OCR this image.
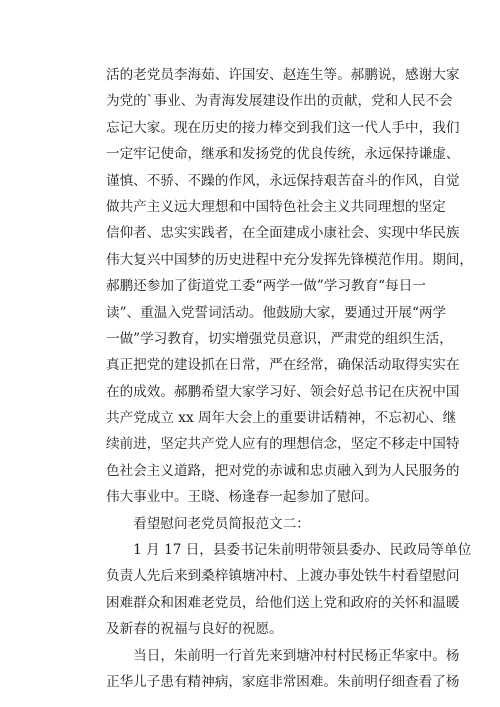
活的老党员李海茹、许国安、赵连生等。郝鹏说，感谢大家
为党的`事业、为青海发展建设作出的贡献，党和人民不会
忘记大家。现在历史的接力棒交到我们这一代人手中，我们
一定牢记使命，继承和发扬党的优良传统，永远保持谦虚、
谨慎、不骄、不躁的作风，永远保持艰苦奋斗的作风，自觉
做共产主义远大理想和中国特色社会主义共同理想的坚定
信仰者、忠实实践者，在全面建成小康社会、实现中华民族
伟大复兴中国梦的历史进程中充分发挥先锋模范作用。期间，
郝鹏还参加了街道党工委“两学一做”学习教育“每日一
读”、重温入党誓词活动。他鼓励大家，要通过开展“两学
一做”学习教育，切实增强党员意识，严肃党的组织生活，
真正把党的建设抓在日常，严在经常，确保活动取得实实在
在的成效。郝鹏希望大家学习好、领会好总书记在庆祝中国
共产党成立 xx 周年大会上的重要讲话精神，不忘初心、继
续前进，坚定共产党人应有的理想信念，坚定不移走中国特
色社会主义道路，把对党的赤诚和忠贞融入到为人民服务的
伟大事业中。王晓、杨逢春一起参加了慰问。
　　看望慰问老党员简报范文二：
　　1 月 17 日，县委书记朱前明带领县委办、民政局等单位
负责人先后来到桑梓镇塘冲村、上渡办事处铁牛村看望慰问
困难群众和困难老党员，给他们送上党和政府的关怀和温暖
及新春的祝福与良好的祝愿。
　　当日，朱前明一行首先来到塘冲村村民杨正华家中。杨
正华儿子患有精神病，家庭非常困难。朱前明仔细查看了杨
